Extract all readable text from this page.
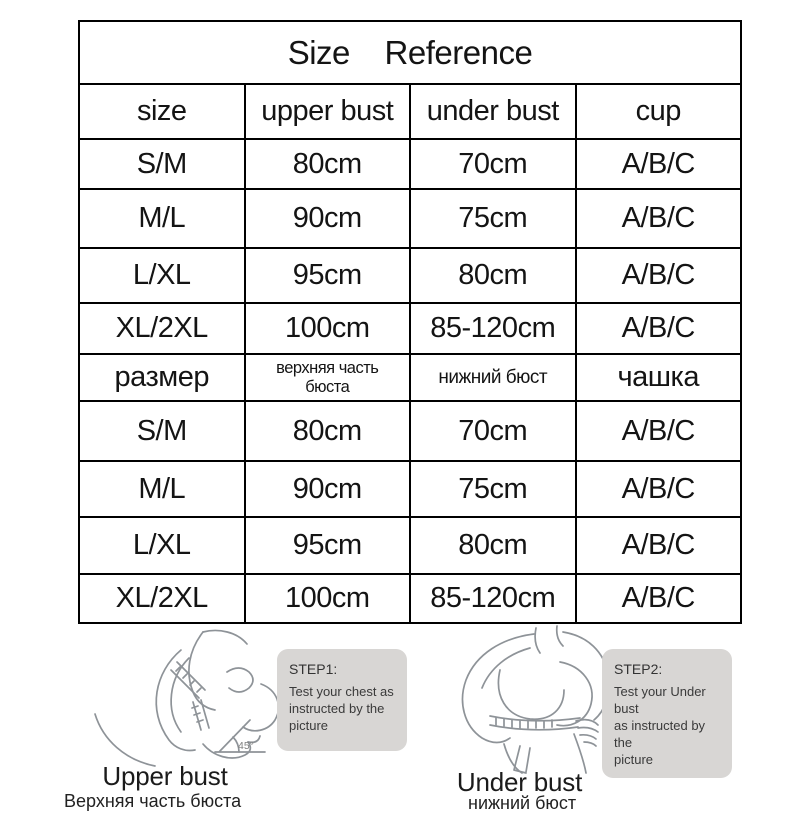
Size    Reference			
size	upper bust	under bust	cup
S/M	80cm	70cm	A/B/C
M/L	90cm	75cm	A/B/C
L/XL	95cm	80cm	A/B/C
XL/2XL	100cm	85-120cm	A/B/C
размер	верхняя часть бюста	нижний бюст	чашка
S/M	80cm	70cm	A/B/C
M/L	90cm	75cm	A/B/C
L/XL	95cm	80cm	A/B/C
XL/2XL	100cm	85-120cm	A/B/C
45°
STEP1:
Test your chest as
instructed by the
picture
STEP2:
Test your Under bust
as instructed by the
picture
Upper bust	Under bust
Верхняя часть бюста	нижний бюст
